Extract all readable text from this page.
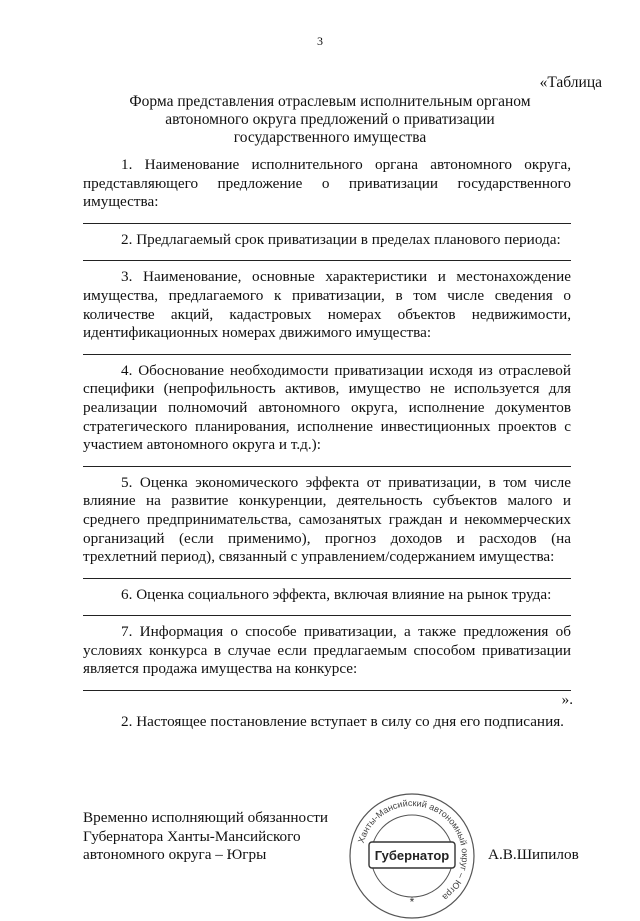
3
«Таблица
Форма представления отраслевым исполнительным органом автономного округа предложений о приватизации государственного имущества

1. Наименование исполнительного органа автономного округа, представляющего предложение о приватизации государственного имущества:

2. Предлагаемый срок приватизации в пределах планового периода:

3. Наименование, основные характеристики и местонахождение имущества, предлагаемого к приватизации, в том числе сведения о количестве акций, кадастровых номерах объектов недвижимости, идентификационных номерах движимого имущества:

4. Обоснование необходимости приватизации исходя из отраслевой специфики (непрофильность активов, имущество не используется для реализации полномочий автономного округа, исполнение документов стратегического планирования, исполнение инвестиционных проектов с участием автономного округа и т.д.):

5. Оценка экономического эффекта от приватизации, в том числе влияние на развитие конкуренции, деятельность субъектов малого и среднего предпринимательства, самозанятых граждан и некоммерческих организаций (если применимо), прогноз доходов и расходов (на трехлетний период), связанный с управлением/содержанием имущества:

6. Оценка социального эффекта, включая влияние на рынок труда:

7. Информация о способе приватизации, а также предложения об условиях конкурса в случае если предлагаемым способом приватизации является продажа имущества на конкурсе:

».

2. Настоящее постановление вступает в силу со дня его подписания.

Временно исполняющий обязанности
Губернатора Ханты-Мансийского
автономного округа – Югры
Ханты-Мансийский автономный округ – Югра
Губернатор
*
А.В.Шипилов
